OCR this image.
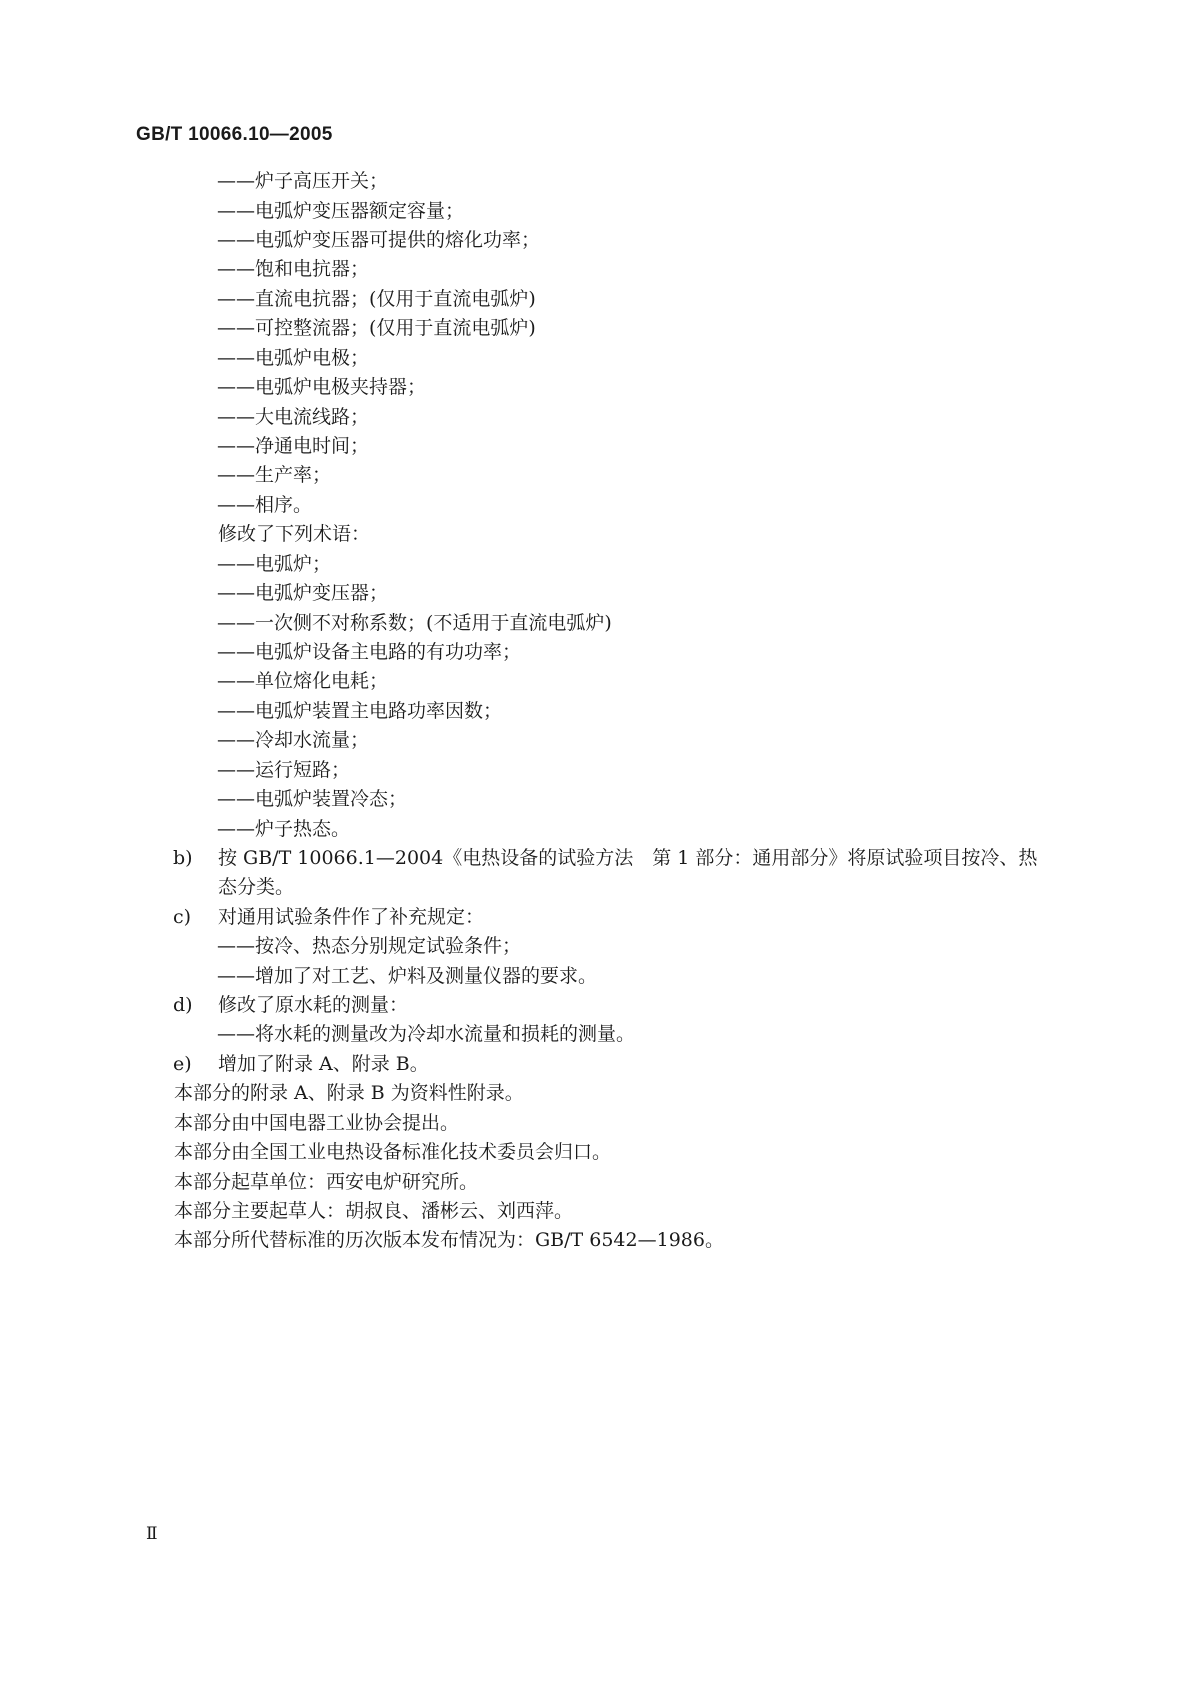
GB/T 10066.10—2005
——炉子高压开关；
——电弧炉变压器额定容量；
——电弧炉变压器可提供的熔化功率；
——饱和电抗器；
——直流电抗器；(仅用于直流电弧炉)
——可控整流器；(仅用于直流电弧炉)
——电弧炉电极；
——电弧炉电极夹持器；
——大电流线路；
——净通电时间；
——生产率；
——相序。
修改了下列术语：
——电弧炉；
——电弧炉变压器；
——一次侧不对称系数；(不适用于直流电弧炉)
——电弧炉设备主电路的有功功率；
——单位熔化电耗；
——电弧炉装置主电路功率因数；
——冷却水流量；
——运行短路；
——电弧炉装置冷态；
——炉子热态。
b) 按 GB/T 10066.1—2004《电热设备的试验方法　第 1 部分：通用部分》将原试验项目按冷、热
态分类。
c) 对通用试验条件作了补充规定：
——按冷、热态分别规定试验条件；
——增加了对工艺、炉料及测量仪器的要求。
d) 修改了原水耗的测量：
——将水耗的测量改为冷却水流量和损耗的测量。
e) 增加了附录 A、附录 B。
本部分的附录 A、附录 B 为资料性附录。
本部分由中国电器工业协会提出。
本部分由全国工业电热设备标准化技术委员会归口。
本部分起草单位：西安电炉研究所。
本部分主要起草人：胡叔良、潘彬云、刘西萍。
本部分所代替标准的历次版本发布情况为：GB/T 6542—1986。
Ⅱ
